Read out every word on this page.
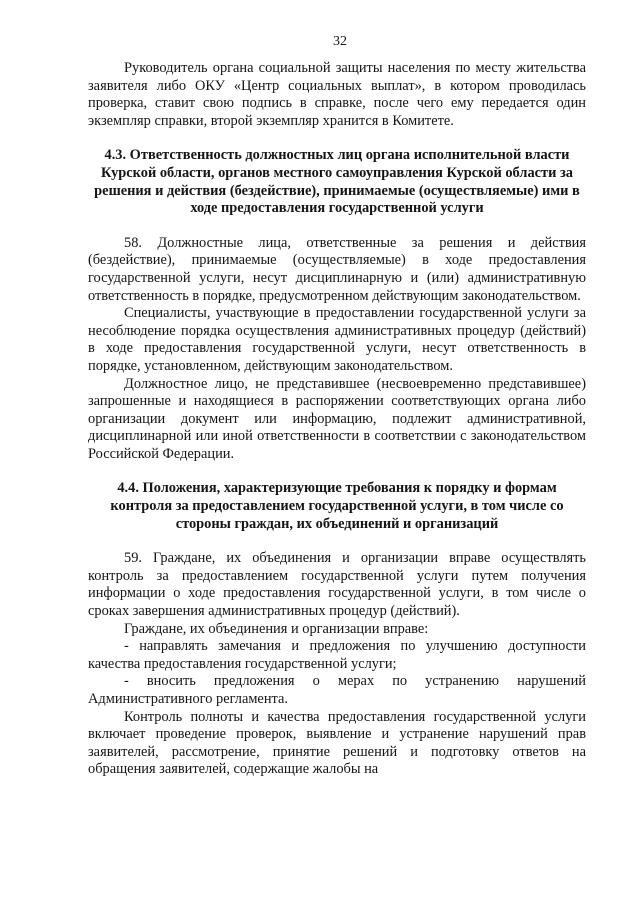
32

Руководитель органа социальной защиты населения по месту жительства заявителя либо ОКУ «Центр социальных выплат», в котором проводилась проверка, ставит свою подпись в справке, после чего ему передается один экземпляр справки, второй экземпляр хранится в Комитете.

4.3. Ответственность должностных лиц органа исполнительной власти Курской области, органов местного самоуправления Курской области за решения и действия (бездействие), принимаемые (осуществляемые) ими в ходе предоставления государственной услуги

58. Должностные лица, ответственные за решения и действия (бездействие), принимаемые (осуществляемые) в ходе предоставления государственной услуги, несут дисциплинарную и (или) административную ответственность в порядке, предусмотренном действующим законодательством.

Специалисты, участвующие в предоставлении государственной услуги за несоблюдение порядка осуществления административных процедур (действий) в ходе предоставления государственной услуги, несут ответственность в порядке, установленном, действующим законодательством.

Должностное лицо, не представившее (несвоевременно представившее) запрошенные и находящиеся в распоряжении соответствующих органа либо организации документ или информацию, подлежит административной, дисциплинарной или иной ответственности в соответствии с законодательством Российской Федерации.

4.4. Положения, характеризующие требования к порядку и формам контроля за предоставлением государственной услуги, в том числе со стороны граждан, их объединений и организаций

59. Граждане, их объединения и организации вправе осуществлять контроль за предоставлением государственной услуги путем получения информации о ходе предоставления государственной услуги, в том числе о сроках завершения административных процедур (действий).

Граждане, их объединения и организации вправе:

- направлять замечания и предложения по улучшению доступности качества предоставления государственной услуги;

- вносить предложения о мерах по устранению нарушений Административного регламента.

Контроль полноты и качества предоставления государственной услуги включает проведение проверок, выявление и устранение нарушений прав заявителей, рассмотрение, принятие решений и подготовку ответов на обращения заявителей, содержащие жалобы на
